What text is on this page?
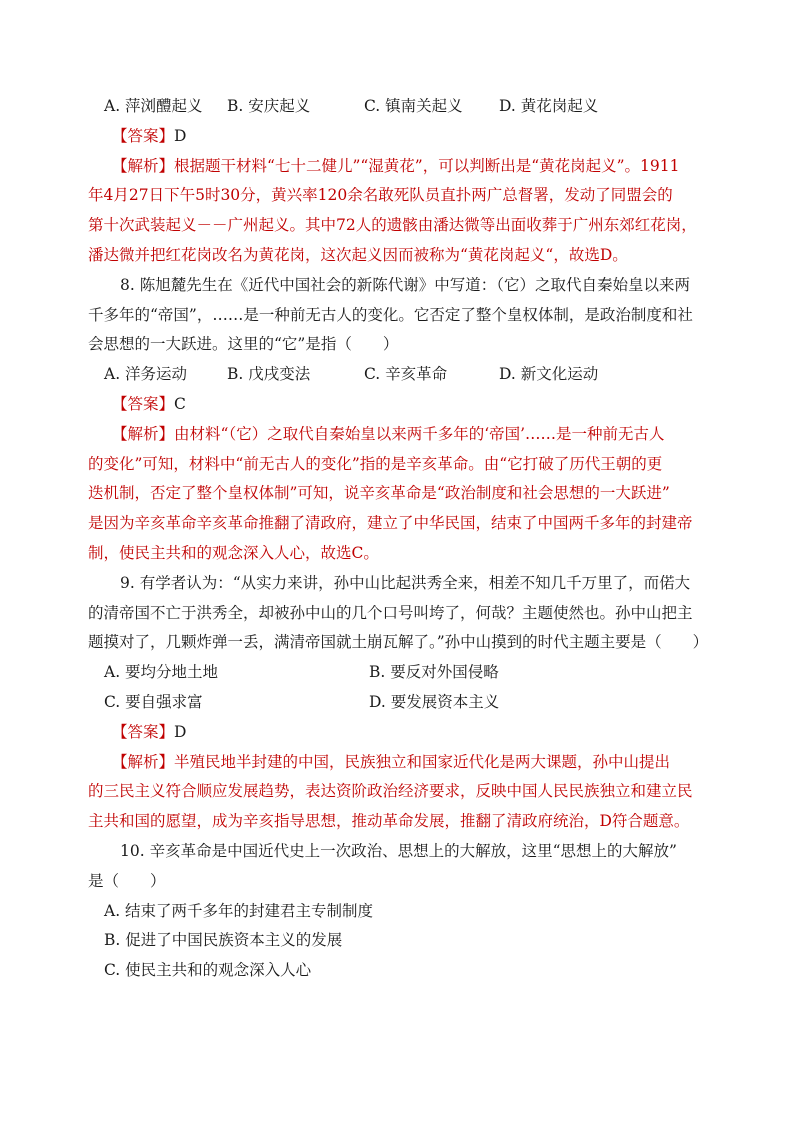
A. 萍浏醴起义	B. 安庆起义	C. 镇南关起义	D. 黄花岗起义
【答案】D
【解析】根据题干材料“七十二健儿”“湿黄花”，可以判断出是“黄花岗起义”。1911
年4月27日下午5时30分，黄兴率120余名敢死队员直扑两广总督署，发动了同盟会的
第十次武装起义－－广州起义。其中72人的遗骸由潘达微等出面收葬于广州东郊红花岗，
潘达微并把红花岗改名为黄花岗，这次起义因而被称为“黄花岗起义“，故选D。
8. 陈旭麓先生在《近代中国社会的新陈代谢》中写道：（它）之取代自秦始皇以来两
千多年的“帝国”，……是一种前无古人的变化。它否定了整个皇权体制，是政治制度和社
会思想的一大跃进。这里的“它”是指（　　）
A. 洋务运动	B. 戊戌变法	C. 辛亥革命	D. 新文化运动
【答案】C
【解析】由材料“（它）之取代自秦始皇以来两千多年的‘帝国’……是一种前无古人
的变化”可知，材料中“前无古人的变化”指的是辛亥革命。由“它打破了历代王朝的更
迭机制，否定了整个皇权体制”可知，说辛亥革命是“政治制度和社会思想的一大跃进”
是因为辛亥革命辛亥革命推翻了清政府，建立了中华民国，结束了中国两千多年的封建帝
制，使民主共和的观念深入人心，故选C。
9. 有学者认为：“从实力来讲，孙中山比起洪秀全来，相差不知几千万里了，而偌大
的清帝国不亡于洪秀全，却被孙中山的几个口号叫垮了，何哉？主题使然也。孙中山把主
题摸对了，几颗炸弹一丢，满清帝国就土崩瓦解了。”孙中山摸到的时代主题主要是（　　）
A. 要均分地土地	B. 要反对外国侵略
C. 要自强求富	D. 要发展资本主义
【答案】D
【解析】半殖民地半封建的中国，民族独立和国家近代化是两大课题，孙中山提出
的三民主义符合顺应发展趋势，表达资阶政治经济要求，反映中国人民民族独立和建立民
主共和国的愿望，成为辛亥指导思想，推动革命发展，推翻了清政府统治，D符合题意。
10. 辛亥革命是中国近代史上一次政治、思想上的大解放，这里“思想上的大解放”
是（　　）
A. 结束了两千多年的封建君主专制制度
B. 促进了中国民族资本主义的发展
C. 使民主共和的观念深入人心
